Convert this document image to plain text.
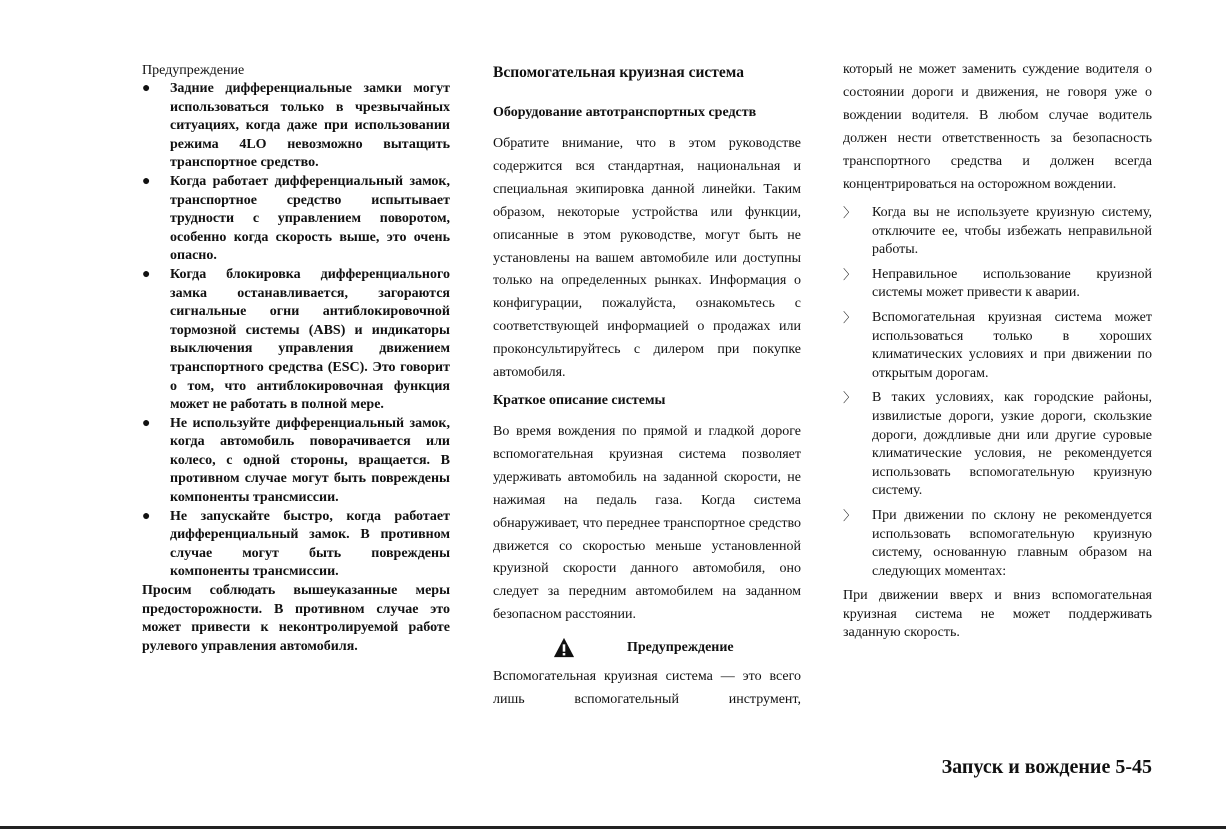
Предупреждение
● Задние дифференциальные замки могут использоваться только в чрезвычайных ситуациях, когда даже при использовании режима 4LO невозможно вытащить транспортное средство.
● Когда работает дифференциальный замок, транспортное средство испытывает трудности с управлением поворотом, особенно когда скорость выше, это очень опасно.
● Когда блокировка дифференциального замка останавливается, загораются сигнальные огни антиблокировочной тормозной системы (ABS) и индикаторы выключения управления движением транспортного средства (ESC). Это говорит о том, что антиблокировочная функция может не работать в полной мере.
● Не используйте дифференциальный замок, когда автомобиль поворачивается или колесо, с одной стороны, вращается. В противном случае могут быть повреждены компоненты трансмиссии.
● Не запускайте быстро, когда работает дифференциальный замок. В противном случае могут быть повреждены компоненты трансмиссии.

Просим соблюдать вышеуказанные меры предосторожности. В противном случае это может привести к неконтролируемой работе рулевого управления автомобиля.

Вспомогательная круизная система
Оборудование автотранспортных средств

Обратите внимание, что в этом руководстве содержится вся стандартная, национальная и специальная экипировка данной линейки. Таким образом, некоторые устройства или функции, описанные в этом руководстве, могут быть не установлены на вашем автомобиле или доступны только на определенных рынках. Информация о конфигурации, пожалуйста, ознакомьтесь с соответствующей информацией о продажах или проконсультируйтесь с дилером при покупке автомобиля.

Краткое описание системы

Во время вождения по прямой и гладкой дороге вспомогательная круизная система позволяет удерживать автомобиль на заданной скорости, не нажимая на педаль газа. Когда система обнаруживает, что переднее транспортное средство движется со скоростью меньше установленной круизной скорости данного автомобиля, оно следует за передним автомобилем на заданном безопасном расстоянии.

Предупреждение

Вспомогательная круизная система — это всего лишь вспомогательный инструмент,

который не может заменить суждение водителя о состоянии дороги и движения, не говоря уже о вождении водителя. В любом случае водитель должен нести ответственность за безопасность транспортного средства и должен всегда концентрироваться на осторожном вождении.

〉 Когда вы не используете круизную систему, отключите ее, чтобы избежать неправильной работы.
〉 Неправильное использование круизной системы может привести к аварии.
〉 Вспомогательная круизная система может использоваться только в хороших климатических условиях и при движении по открытым дорогам.
〉 В таких условиях, как городские районы, извилистые дороги, узкие дороги, скользкие дороги, дождливые дни или другие суровые климатические условия, не рекомендуется использовать вспомогательную круизную систему.
〉 При движении по склону не рекомендуется использовать вспомогательную круизную систему, основанную главным образом на следующих моментах:

При движении вверх и вниз вспомогательная круизная система не может поддерживать заданную скорость.

Запуск и вождение 5-45
